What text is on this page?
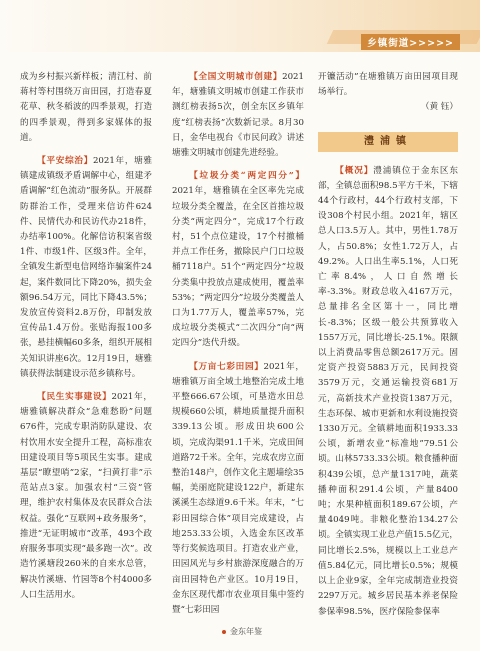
乡镇街道>>>>>

成为乡村振兴新样板；清江村、前蒋村等村围绕万亩田园，打造春夏花草、秋冬稻波的四季景观，打造的四季景观，得到多家媒体的报道。

【平安综治】2021年，塘雅镇建成镇级矛盾调解中心，组建矛盾调解“红色流动”服务队。开展群防群治工作，受理来信访件624件、民情代办和民访代办218件，办结率100%。化解信访积案省级1件、市级1件、区级3件。全年，全镇发生新型电信网络诈骗案件24起，案件数同比下降20%，损失金额96.54万元，同比下降43.5%；发放宣传资料2.8万份，印制发放宣传品1.4万份。张贴海报100多张，悬挂横幅60多条，组织开展相关知识讲座6次。12月19日，塘雅镇获得法制建设示范乡镇称号。

【民生实事建设】2021年，塘雅镇解决群众“急难愁盼”问题676件，完成专职消防队建设、农村饮用水安全提升工程，高标准农田建设项目等5项民生实事。建成基层“瞭望哨”2家，“扫黄打非”示范站点3家。加强农村“三资”管理，维护农村集体及农民群众合法权益。强化“互联网+政务服务”，推进“无证明城市”改革，493个政府服务事项实现“最多跑一次”。改造竹溪塘段260米的自来水总管，解决竹溪塘、竹园等8个村4000多人口生活用水。

【全国文明城市创建】2021年，塘雅镇文明城市创建工作获市测红榜表扬5次，创全东区乡镇年度“红榜表扬”次数新记录。8月30日，金华电视台《市民问政》讲述塘雅文明城市创建先进经验。

【垃圾分类“两定四分”】2021年，塘雅镇在全区率先完成垃圾分类全覆盖，在全区首推垃圾分类“两定四分”，完成17个行政村，51个点位建设，17个村撤桶并点工作任务，撤除民户门口垃圾桶7118户。51个“两定四分”垃圾分类集中投放点建成使用，覆盖率53%；“两定四分”垃圾分类覆盖人口为1.77万人，覆盖率57%，完成垃圾分类模式“二次四分”向“两定四分”迭代升级。

【万亩七彩田园】2021年，塘雅镇万亩全域土地整治完成土地平整666.67公顷，可垦造水田总规模660公顷，耕地质量提升面积339.13公顷。形成田块600公顷，完成沟渠91.1千米，完成田间道路72千米。全年，完成农房立面整治148户，创作文化主题墙绘35幅，美丽庭院建设122户，新建东溪溪生态绿道9.6千米。年末，“七彩田园综合体”项目完成建设，占地253.33公顷，入选金东区改革等行奖候选项目。打造农业产业，田园风光与乡村旅游深度融合的万亩田园特色产业区。10月19日，金东区现代都市农业项目集中签约暨“七彩田园

开镰活动”在塘雅镇万亩田园项目现场举行。

（黄 钰）

澧浦镇

【概况】澧浦镇位于金东区东部，全镇总面积98.5平方千米，下辖44个行政村，44个行政村支部，下设308个村民小组。2021年，辖区总人口3.5万人。其中，男性1.78万人，占50.8%；女性1.72万人，占49.2%。人口出生率5.1%，人口死亡率8.4%，人口自然增长率-3.3%。财政总收入4167万元，总量排名全区第十一，同比增长-8.3%；区级一般公共预算收入1557万元，同比增长-25.1%。限额以上消费品零售总额2617万元。固定资产投资5883万元，民间投资3579万元，交通运输投资681万元，高新技术产业投资1387万元，生态环保、城市更新和水利设施投资1330万元。全镇耕地面积1933.33公顷，新增农业“标准地”79.51公顷。山林5733.33公顷。粮食播种面积439公顷，总产量1317吨，蔬菜播种面积291.4公顷，产量8400吨；水果种植面积189.67公顷，产量4049吨。非粮化整治134.27公顷。全镇实现工业总产值15.5亿元，同比增长2.5%，规模以上工业总产值5.84亿元，同比增长0.5%；规模以上企业9家，全年完成制造业投资2297万元。城乡居民基本养老保险参保率98.5%，医疗保险参保率

金东年鉴
